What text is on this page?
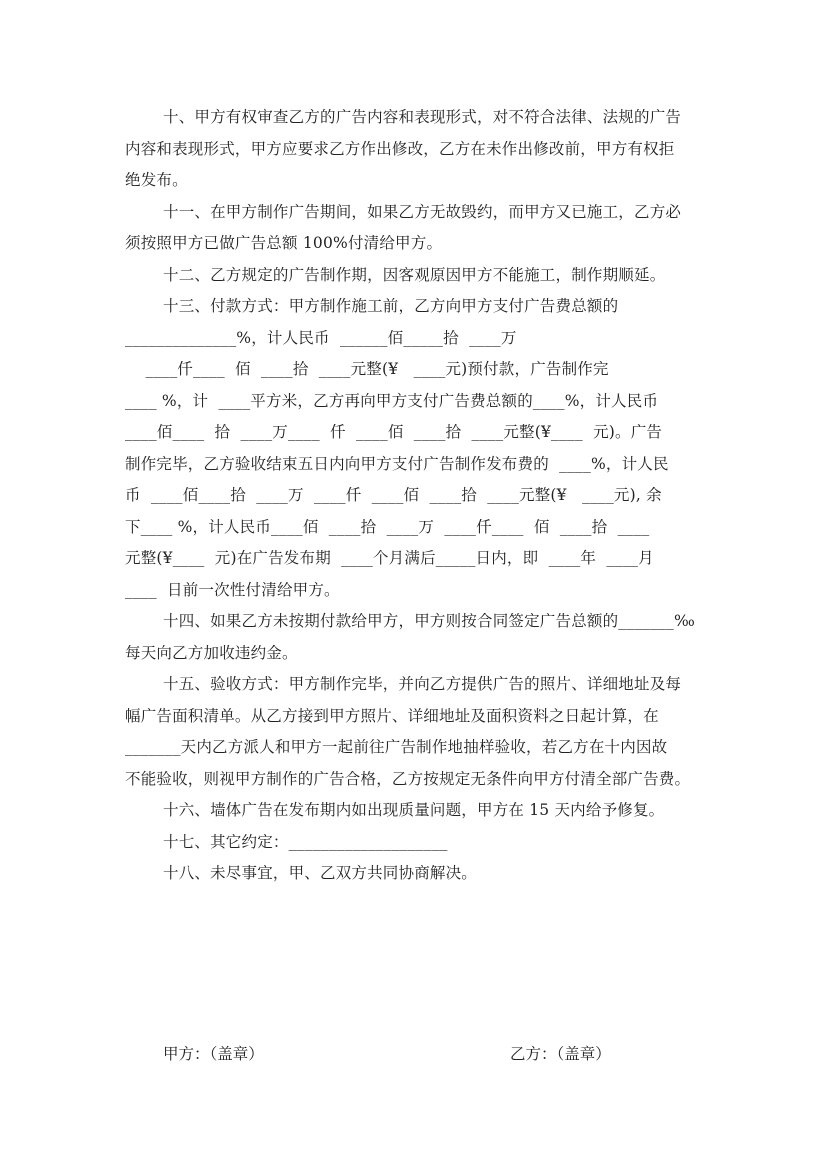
十、甲方有权审查乙方的广告内容和表现形式，对不符合法律、法规的广告
内容和表现形式，甲方应要求乙方作出修改，乙方在未作出修改前，甲方有权拒
绝发布。
十一、在甲方制作广告期间，如果乙方无故毁约，而甲方又已施工，乙方必
须按照甲方已做广告总额 100%付清给甲方。
十二、乙方规定的广告制作期，因客观原因甲方不能施工，制作期顺延。
十三、付款方式：甲方制作施工前，乙方向甲方支付广告费总额的
______________%，计人民币  ______佰_____拾  ____万
____仟____  佰  ____拾  ____元整(¥   ____元)预付款，广告制作完
____ %，计  ____平方米，乙方再向甲方支付广告费总额的____%，计人民币
____佰____  拾  ____万____  仟  ____佰  ____拾  ____元整(¥____  元)。广告
制作完毕，乙方验收结束五日内向甲方支付广告制作发布费的  ____%，计人民
币  ____佰____拾  ____万  ____仟  ____佰  ____拾  ____元整(¥   ____元), 余
下____ %，计人民币____佰  ____拾  ____万  ____仟____  佰  ____拾  ____
元整(¥____  元)在广告发布期  ____个月满后_____日内，即  ____年  ____月
____  日前一次性付清给甲方。
十四、如果乙方未按期付款给甲方，甲方则按合同签定广告总额的_______‰
每天向乙方加收违约金。
十五、验收方式：甲方制作完毕，并向乙方提供广告的照片、详细地址及每
幅广告面积清单。从乙方接到甲方照片、详细地址及面积资料之日起计算，在
_______天内乙方派人和甲方一起前往广告制作地抽样验收，若乙方在十内因故
不能验收，则视甲方制作的广告合格，乙方按规定无条件向甲方付清全部广告费。
十六、墙体广告在发布期内如出现质量问题，甲方在 15 天内给予修复。
十七、其它约定：____________________
十八、未尽事宜，甲、乙双方共同协商解决。
甲方：（盖章）	乙方：（盖章）
